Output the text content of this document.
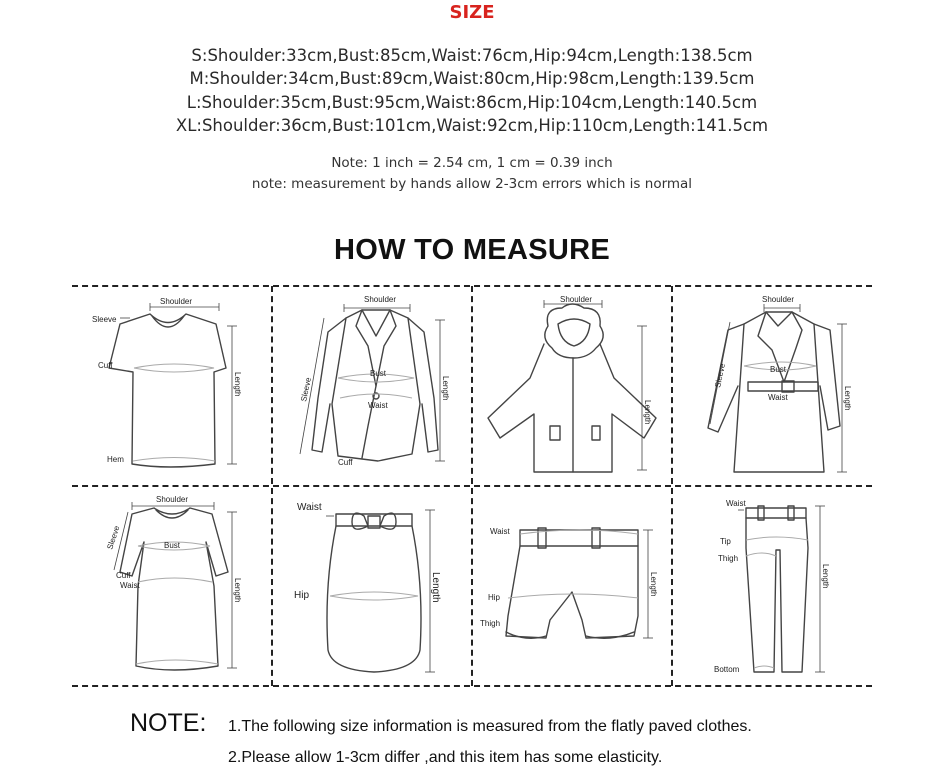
SIZE
S:Shoulder:33cm,Bust:85cm,Waist:76cm,Hip:94cm,Length:138.5cm
M:Shoulder:34cm,Bust:89cm,Waist:80cm,Hip:98cm,Length:139.5cm
L:Shoulder:35cm,Bust:95cm,Waist:86cm,Hip:104cm,Length:140.5cm
XL:Shoulder:36cm,Bust:101cm,Waist:92cm,Hip:110cm,Length:141.5cm
Note: 1 inch = 2.54 cm, 1 cm = 0.39 inch
note: measurement by hands allow 2-3cm errors which is normal
HOW TO MEASURE
Shoulder
Sleeve
Cuff
Hem
Length
Shoulder
Sleeve
Bust
Waist
Cuff
Length
Shoulder
Length
Shoulder
Sleeve	Bust
Waist	Length
Shoulder
Sleeve	Bust
Cuff
Waist	Length
Waist
Hip	Length
Waist
Hip
Thigh
Length
Waist
Tip
Thigh
Bottom
Length
NOTE: 1.The following size information is measured from the flatly paved clothes.
2.Please allow 1-3cm differ ,and this item has some elasticity.
